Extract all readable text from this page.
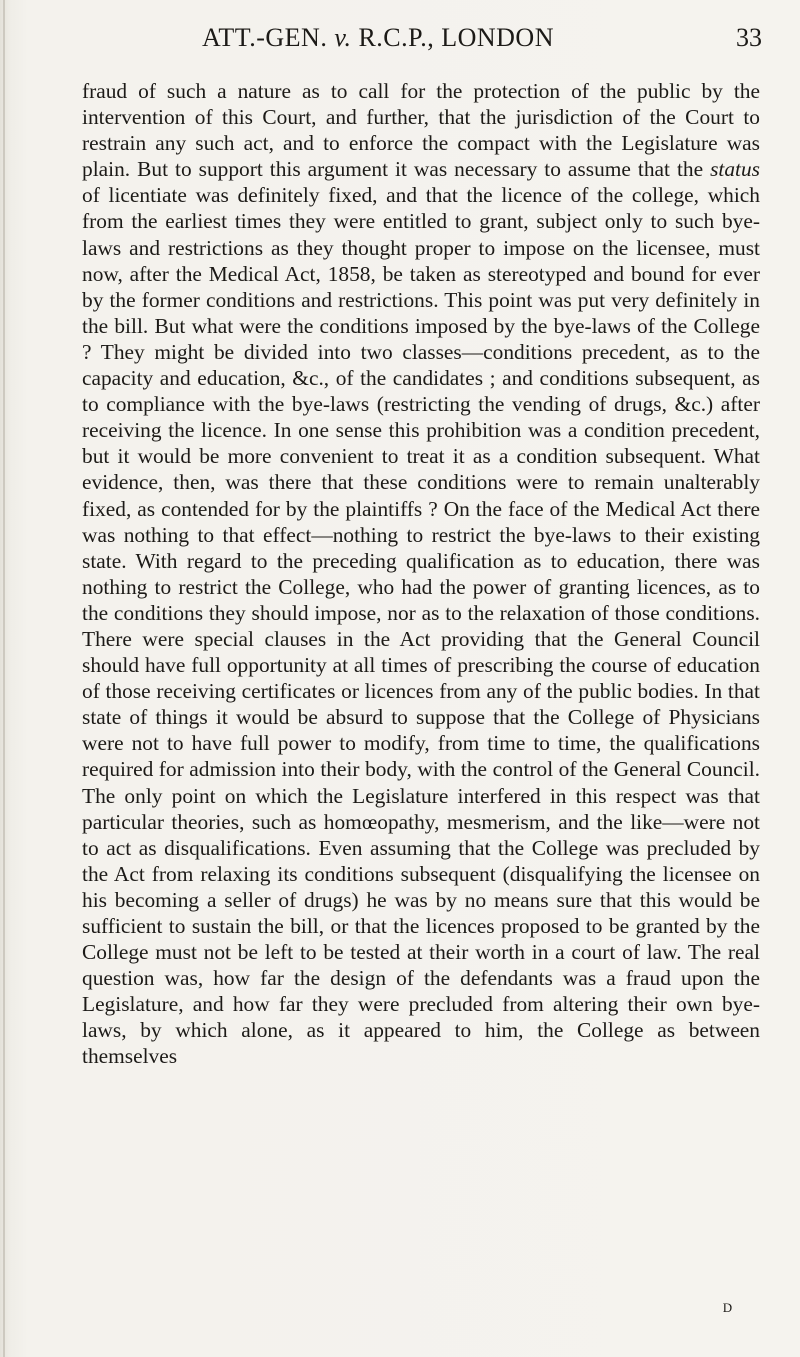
ATT.-GEN. v. R.C.P., LONDON	33

fraud of such a nature as to call for the protection of the public by the intervention of this Court, and further, that the jurisdiction of the Court to restrain any such act, and to enforce the compact with the Legislature was plain. But to support this argument it was necessary to assume that the status of licentiate was definitely fixed, and that the licence of the college, which from the earliest times they were entitled to grant, subject only to such bye-laws and restrictions as they thought proper to impose on the licensee, must now, after the Medical Act, 1858, be taken as stereotyped and bound for ever by the former conditions and restrictions. This point was put very definitely in the bill. But what were the conditions imposed by the bye-laws of the College ? They might be divided into two classes—conditions precedent, as to the capacity and education, &c., of the candidates ; and conditions subsequent, as to compliance with the bye-laws (restricting the vending of drugs, &c.) after receiving the licence. In one sense this prohibition was a condition precedent, but it would be more convenient to treat it as a condition subsequent. What evidence, then, was there that these conditions were to remain unalterably fixed, as contended for by the plaintiffs ? On the face of the Medical Act there was nothing to that effect—nothing to restrict the bye-laws to their existing state. With regard to the preceding qualification as to education, there was nothing to restrict the College, who had the power of granting licences, as to the conditions they should impose, nor as to the relaxation of those conditions. There were special clauses in the Act providing that the General Council should have full opportunity at all times of prescribing the course of education of those receiving certificates or licences from any of the public bodies. In that state of things it would be absurd to suppose that the College of Physicians were not to have full power to modify, from time to time, the qualifications required for admission into their body, with the control of the General Council. The only point on which the Legislature interfered in this respect was that particular theories, such as homœopathy, mesmerism, and the like—were not to act as disqualifications. Even assuming that the College was precluded by the Act from relaxing its conditions subsequent (disqualifying the licensee on his becoming a seller of drugs) he was by no means sure that this would be sufficient to sustain the bill, or that the licences proposed to be granted by the College must not be left to be tested at their worth in a court of law. The real question was, how far the design of the defendants was a fraud upon the Legislature, and how far they were precluded from altering their own bye-laws, by which alone, as it appeared to him, the College as between themselves

D
